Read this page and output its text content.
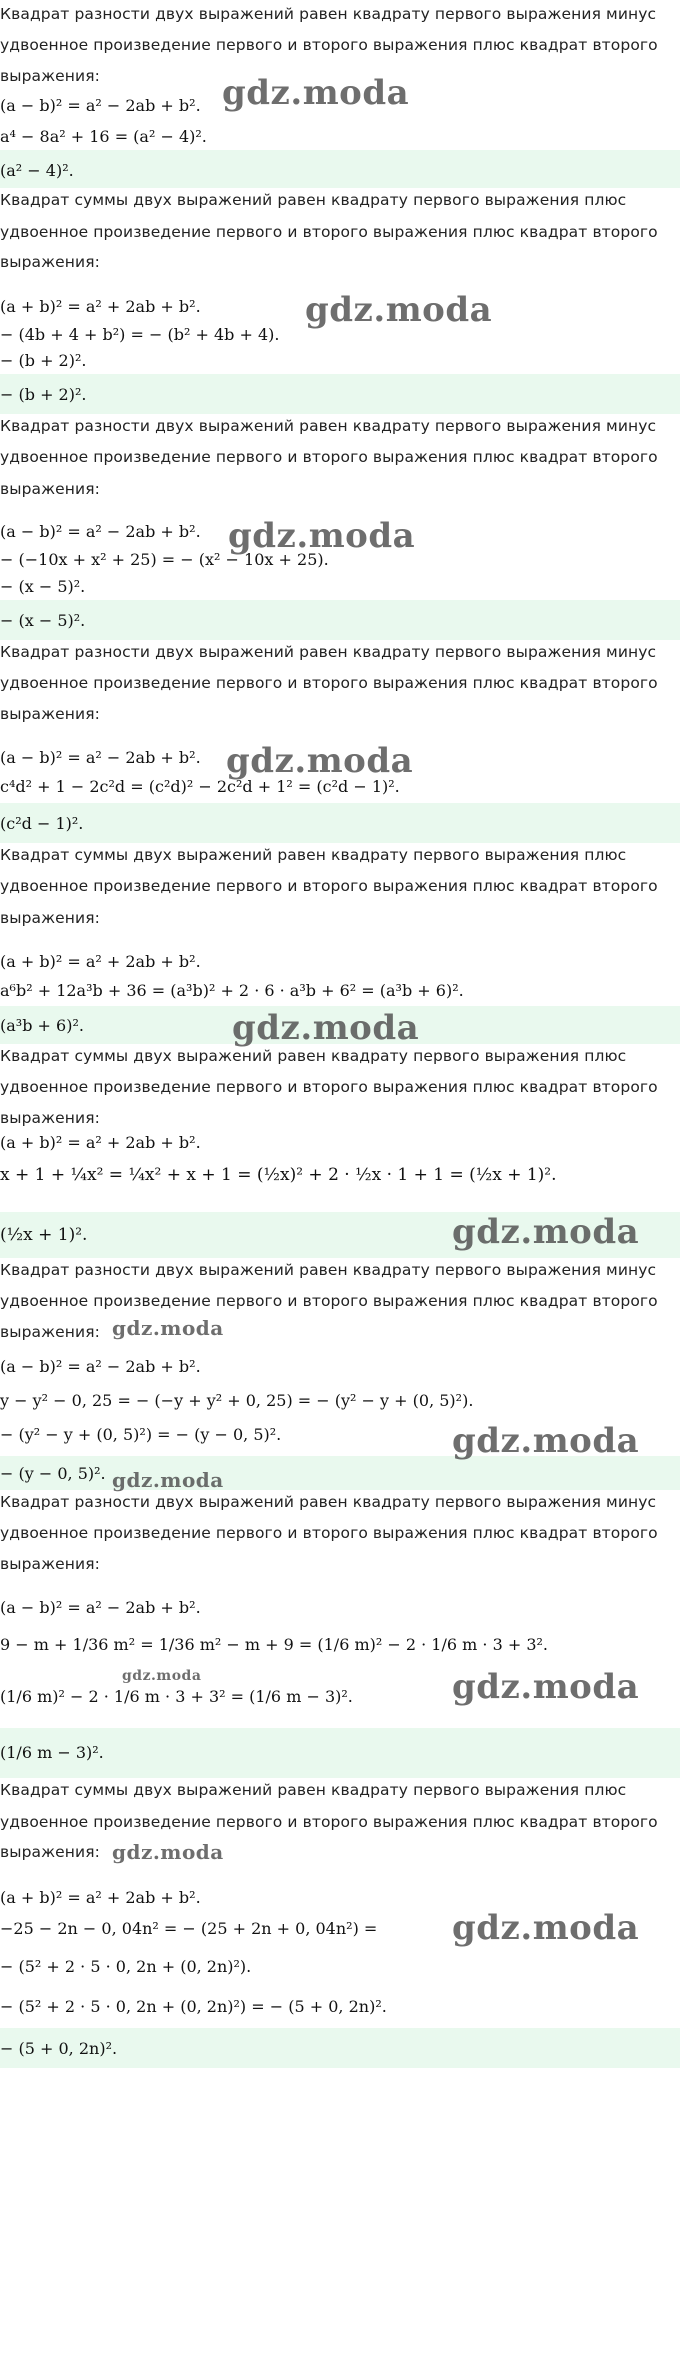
Квадрат разности двух выражений равен квадрату первого выражения минус
удвоенное произведение первого и второго выражения плюс квадрат второго
выражения:
(a − b)² = a² − 2ab + b².
a⁴ − 8a² + 16 = (a² − 4)².
(a² − 4)².
gdz.moda
Квадрат суммы двух выражений равен квадрату первого выражения плюс
удвоенное произведение первого и второго выражения плюс квадрат второго
выражения:
(a + b)² = a² + 2ab + b².
− (4b + 4 + b²) = − (b² + 4b + 4).
− (b + 2)².
− (b + 2)².
gdz.moda
Квадрат разности двух выражений равен квадрату первого выражения минус
удвоенное произведение первого и второго выражения плюс квадрат второго
выражения:
(a − b)² = a² − 2ab + b².
− (−10x + x² + 25) = − (x² − 10x + 25).
− (x − 5)².
− (x − 5)².
gdz.moda
Квадрат разности двух выражений равен квадрату первого выражения минус
удвоенное произведение первого и второго выражения плюс квадрат второго
выражения:
(a − b)² = a² − 2ab + b².
c⁴d² + 1 − 2c²d = (c²d)² − 2c²d + 1² = (c²d − 1)².
(c²d − 1)².
gdz.moda
Квадрат суммы двух выражений равен квадрату первого выражения плюс
удвоенное произведение первого и второго выражения плюс квадрат второго
выражения:
(a + b)² = a² + 2ab + b².
a⁶b² + 12a³b + 36 = (a³b)² + 2 · 6 · a³b + 6² = (a³b + 6)².
(a³b + 6)².	gdz.moda
Квадрат суммы двух выражений равен квадрату первого выражения плюс
удвоенное произведение первого и второго выражения плюс квадрат второго
выражения:
(a + b)² = a² + 2ab + b².
x + 1 + ¼x² = ¼x² + x + 1 = (½x)² + 2 · ½x · 1 + 1 = (½x + 1)².
(½x + 1)².	gdz.moda
Квадрат разности двух выражений равен квадрату первого выражения минус
удвоенное произведение первого и второго выражения плюс квадрат второго
выражения: gdz.moda
(a − b)² = a² − 2ab + b².
y − y² − 0, 25 = − (−y + y² + 0, 25) = − (y² − y + (0, 5)²).
− (y² − y + (0, 5)²) = − (y − 0, 5)².
− (y − 0, 5)².
gdz.moda
gdz.moda
Квадрат разности двух выражений равен квадрату первого выражения минус
удвоенное произведение первого и второго выражения плюс квадрат второго
выражения:
(a − b)² = a² − 2ab + b².
9 − m + 1/36 m² = 1/36 m² − m + 9 = (1/6 m)² − 2 · 1/6 m · 3 + 3².
(1/6 m)² − 2 · 1/6 m · 3 + 3² = (1/6 m − 3)².
gdz.moda	gdz.moda
(1/6 m − 3)².
Квадрат суммы двух выражений равен квадрату первого выражения плюс
удвоенное произведение первого и второго выражения плюс квадрат второго
выражения: gdz.moda
(a + b)² = a² + 2ab + b².
−25 − 2n − 0, 04n² = − (25 + 2n + 0, 04n²) =
− (5² + 2 · 5 · 0, 2n + (0, 2n)²).
− (5² + 2 · 5 · 0, 2n + (0, 2n)²) = − (5 + 0, 2n)².
gdz.moda
− (5 + 0, 2n)².
